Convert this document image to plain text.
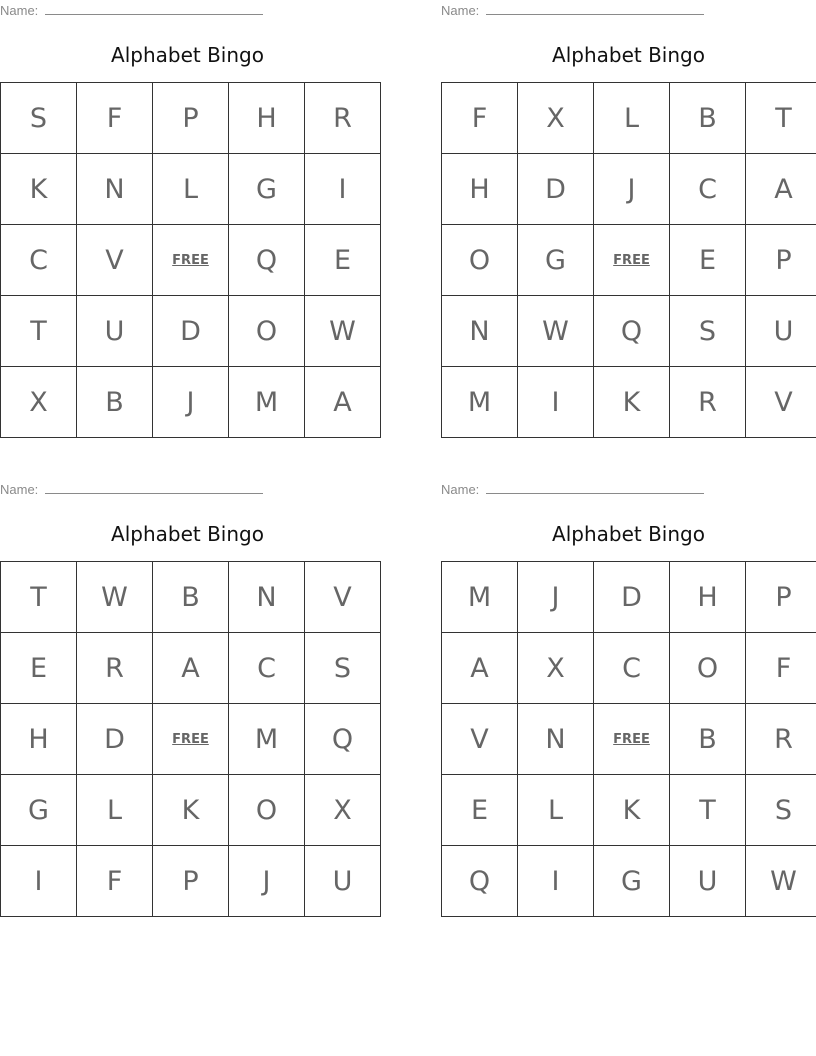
Name:
Alphabet Bingo
S	F	P	H	R
K	N	L	G	I
C	V	FREE	Q	E
T	U	D	O	W
X	B	J	M	A
Name:
Alphabet Bingo
F	X	L	B	T
H	D	J	C	A
O	G	FREE	E	P
N	W	Q	S	U
M	I	K	R	V
Name:
Alphabet Bingo
T	W	B	N	V
E	R	A	C	S
H	D	FREE	M	Q
G	L	K	O	X
I	F	P	J	U
Name:
Alphabet Bingo
M	J	D	H	P
A	X	C	O	F
V	N	FREE	B	R
E	L	K	T	S
Q	I	G	U	W
